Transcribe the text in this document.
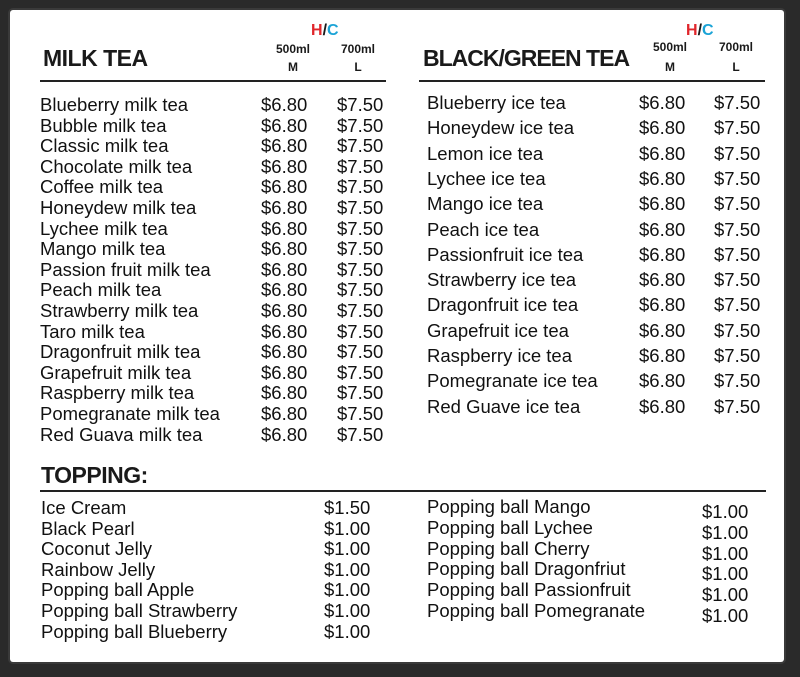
MILK TEA
H/C
500ml
M
700ml
L	BLACK/GREEN TEA
H/C
500ml
M
700ml
L
Blueberry milk tea	$6.80 $7.50
Bubble milk tea	$6.80 $7.50
Classic milk tea	$6.80 $7.50
Chocolate milk tea	$6.80 $7.50
Coffee milk tea	$6.80 $7.50
Honeydew milk tea	$6.80 $7.50
Lychee milk tea	$6.80 $7.50
Mango milk tea	$6.80 $7.50
Passion fruit milk tea	$6.80 $7.50
Peach milk tea	$6.80 $7.50
Strawberry milk tea	$6.80 $7.50
Taro milk tea	$6.80 $7.50
Dragonfruit milk tea	$6.80 $7.50
Grapefruit milk tea	$6.80 $7.50
Raspberry milk tea	$6.80 $7.50
Pomegranate milk tea $6.80 $7.50
Red Guava milk tea	$6.80 $7.50
Blueberry ice tea	$6.80 $7.50
Honeydew ice tea	$6.80 $7.50
Lemon ice tea	$6.80 $7.50
Lychee ice tea	$6.80 $7.50
Mango ice tea	$6.80 $7.50
Peach ice tea	$6.80 $7.50
Passionfruit ice tea	$6.80 $7.50
Strawberry ice tea	$6.80 $7.50
Dragonfruit ice tea	$6.80 $7.50
Grapefruit ice tea	$6.80 $7.50
Raspberry ice tea	$6.80 $7.50
Pomegranate ice tea $6.80 $7.50
Red Guave ice tea	$6.80 $7.50
Ice Cream	$1.50
Black Pearl	$1.00
Coconut Jelly	$1.00
Rainbow Jelly	$1.00
Popping ball Apple	$1.00
Popping ball Strawberry	$1.00
Popping ball Blueberry	$1.00
Popping ball Mango	$1.00
Popping ball Lychee	$1.00
Popping ball Cherry	$1.00
Popping ball Dragonfriut	$1.00
Popping ball Passionfruit	$1.00
Popping ball Pomegranate	$1.00
TOPPING:
